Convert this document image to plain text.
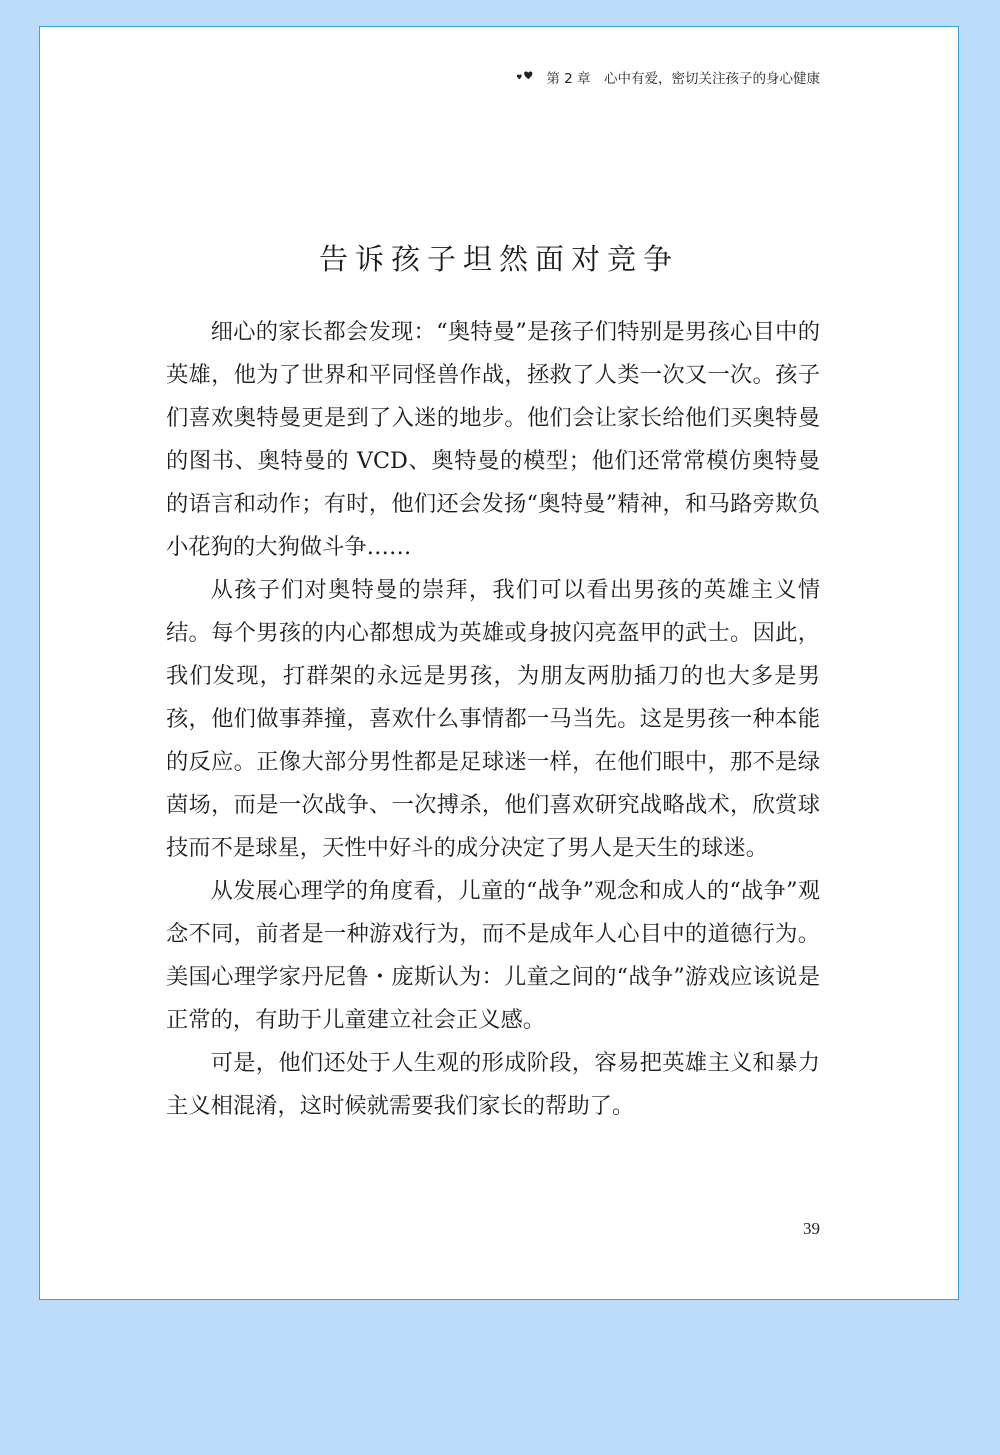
第 2 章　心中有爱，密切关注孩子的身心健康
告诉孩子坦然面对竞争

细心的家长都会发现：“奥特曼”是孩子们特别是男孩心目中的英雄，他为了世界和平同怪兽作战，拯救了人类一次又一次。孩子们喜欢奥特曼更是到了入迷的地步。他们会让家长给他们买奥特曼的图书、奥特曼的 VCD、奥特曼的模型；他们还常常模仿奥特曼的语言和动作；有时，他们还会发扬“奥特曼”精神，和马路旁欺负小花狗的大狗做斗争……

从孩子们对奥特曼的崇拜，我们可以看出男孩的英雄主义情结。每个男孩的内心都想成为英雄或身披闪亮盔甲的武士。因此，我们发现，打群架的永远是男孩，为朋友两肋插刀的也大多是男孩，他们做事莽撞，喜欢什么事情都一马当先。这是男孩一种本能的反应。正像大部分男性都是足球迷一样，在他们眼中，那不是绿茵场，而是一次战争、一次搏杀，他们喜欢研究战略战术，欣赏球技而不是球星，天性中好斗的成分决定了男人是天生的球迷。

从发展心理学的角度看，儿童的“战争”观念和成人的“战争”观念不同，前者是一种游戏行为，而不是成年人心目中的道德行为。美国心理学家丹尼鲁・庞斯认为：儿童之间的“战争”游戏应该说是正常的，有助于儿童建立社会正义感。

可是，他们还处于人生观的形成阶段，容易把英雄主义和暴力主义相混淆，这时候就需要我们家长的帮助了。

39
